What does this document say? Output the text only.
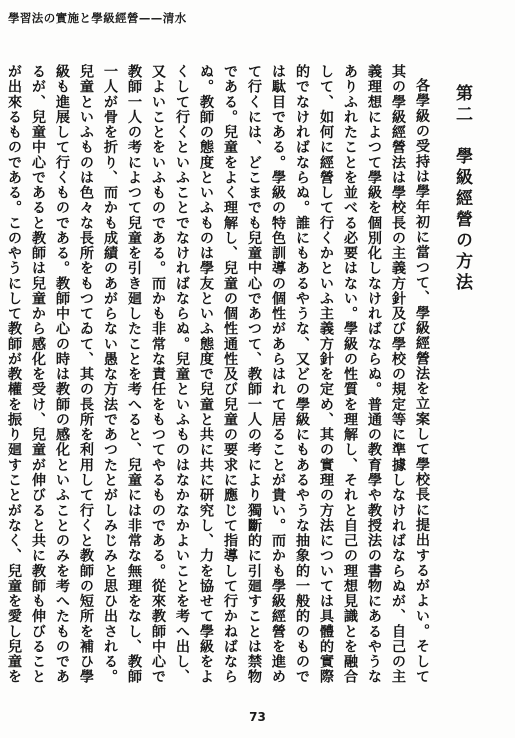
學習法の實施と學級經營——清水
第二　學級經營の方法

各學級の受持は學年初に當つて、學級經營法を立案して學校長に提出するがよい。そして其の學級經營法は學校長の主義方針及び學校の規定等に準據しなければならぬが、自己の主義理想によつて學級を個別化しなければならぬ。普通の教育學や教授法の書物にあるやうなありふれたことを並べる必要はない。學級の性質を理解し、それと自己の理想見識とを融合して、如何に經營して行くかといふ主義方針を定め、其の實理の方法については具體的實際的でなければならぬ。誰にもあるやうな、又どの學級にもあるやうな抽象的一般的のものでは駄目である。學級の特色訓導の個性があらはれて居ることが貴い。而かも學級經營を進めて行くには、どこまでも兒童中心であつて、教師一人の考により獨斷的に引廻すことは禁物である。兒童をよく理解し、兒童の個性通性及び兒童の要求に應じて指導して行かねばならぬ。教師の態度といふものは學友といふ態度で兒童と共に共に研究し、力を協せて學級をよくして行くといふことでなければならぬ。兒童といふものはなかなかよいことを考へ出し、又よいことをいふものである。而かも非常な責任をもつてやるものである。從來教師中心で教師一人の考によつて兒童を引き廻したことを考へると、兒童には非常な無理をなし、教師一人が骨を折り、而かも成績のあがらない愚な方法であつたとがしみじみと思ひ出される。兒童といふものは色々な長所をもつてゐて、其の長所を利用して行くと教師の短所を補ひ學級も進展して行くものである。教師中心の時は教師の感化といふことのみを考へたものであるが、兒童中心であると教師は兒童から感化を受け、兒童が伸びると共に教師も伸びることが出來るものである。このやうにして教師が教權を振り廻すことがなく、兒童を愛し兒童を

73
